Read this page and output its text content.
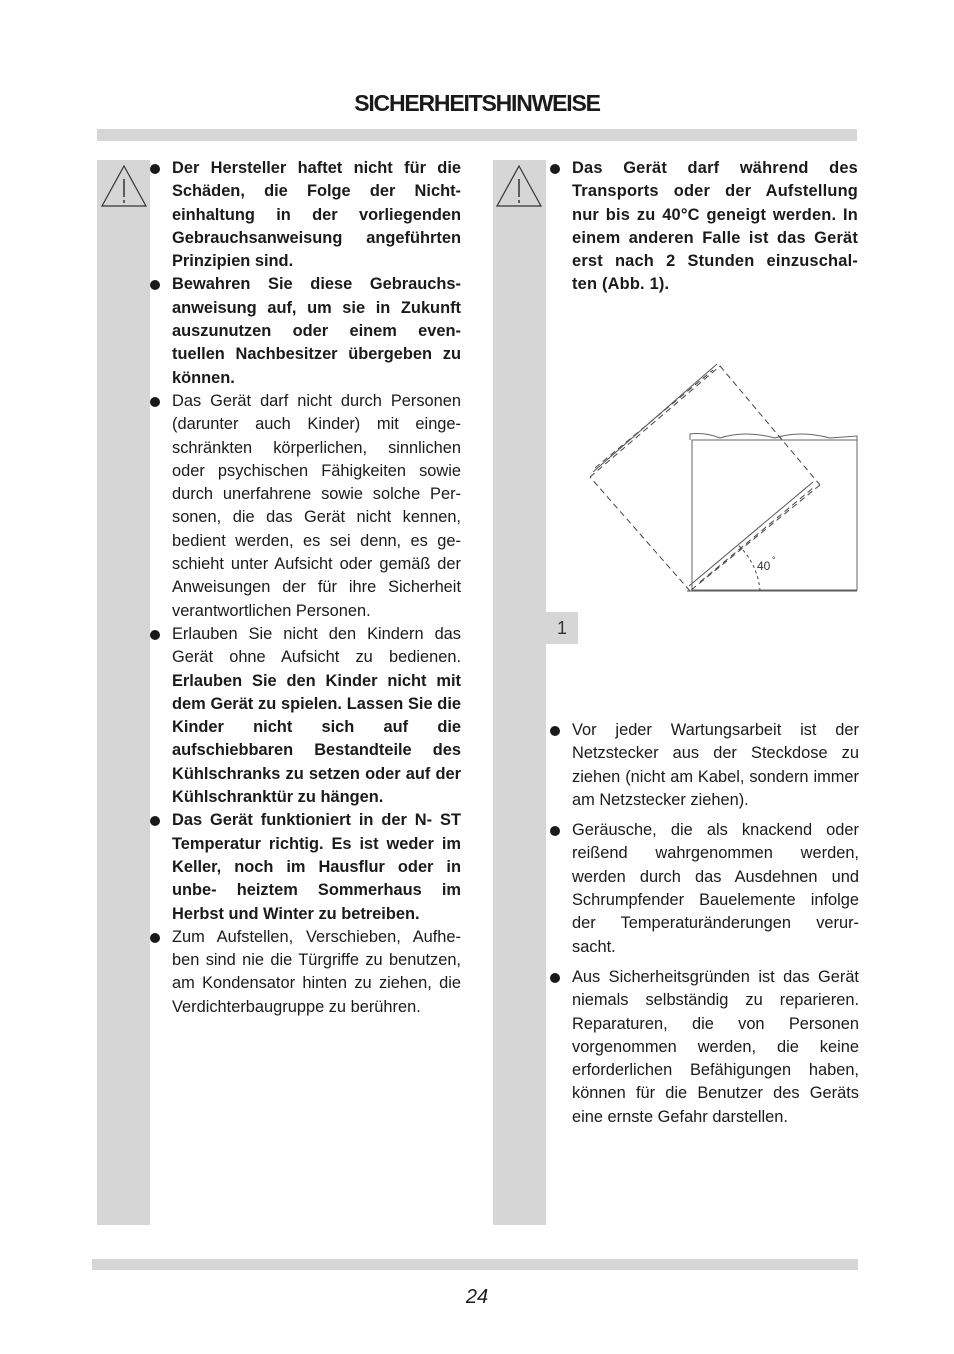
SICHERHEITSHINWEISE
Der Hersteller haftet nicht für die Schäden, die Folge der Nicht- einhaltung in der vorliegenden Gebrauchsanweisung angeführten Prinzipien sind.
Bewahren Sie diese Gebrauchs- anweisung auf, um sie in Zukunft auszunutzen oder einem even- tuellen Nachbesitzer übergeben zu können.
Das Gerät darf nicht durch Personen (darunter auch Kinder) mit einge- schränkten körperlichen, sinnlichen oder psychischen Fähigkeiten sowie durch unerfahrene sowie solche Per- sonen, die das Gerät nicht kennen, bedient werden, es sei denn, es ge- schieht unter Aufsicht oder gemäß der Anweisungen der für ihre Sicherheit verantwortlichen Personen.
Erlauben Sie nicht den Kindern das Gerät ohne Aufsicht zu bedienen. Erlauben Sie den Kinder nicht mit dem Gerät zu spielen. Lassen Sie die Kinder nicht sich auf die aufschiebbaren Bestandteile des Kühlschranks zu setzen oder auf der Kühlschranktür zu hängen.
Das Gerät funktioniert in der N- ST Temperatur richtig. Es ist weder im Keller, noch im Hausflur oder in unbe- heiztem Sommerhaus im Herbst und Winter zu betreiben.
Zum Aufstellen, Verschieben, Aufhe- ben sind nie die Türgriffe zu benutzen, am Kondensator hinten zu ziehen, die Verdichterbaugruppe zu berühren.
Das Gerät darf während des Transports oder der Aufstellung nur bis zu 40°C geneigt werden. In einem anderen Falle ist das Gerät erst nach 2 Stunden einzuschal- ten (Abb. 1).
40 °
1
Vor jeder Wartungsarbeit ist der Netzstecker aus der Steckdose zu ziehen (nicht am Kabel, sondern immer am Netzstecker ziehen).
Geräusche, die als knackend oder reißend wahrgenommen werden, werden durch das Ausdehnen und Schrumpfender Bauelemente infolge der Temperaturänderungen verur- sacht.
Aus Sicherheitsgründen ist das Gerät niemals selbständig zu reparieren. Reparaturen, die von Personen vorgenommen werden, die keine erforderlichen Befähigungen haben, können für die Benutzer des Geräts eine ernste Gefahr darstellen.
24
